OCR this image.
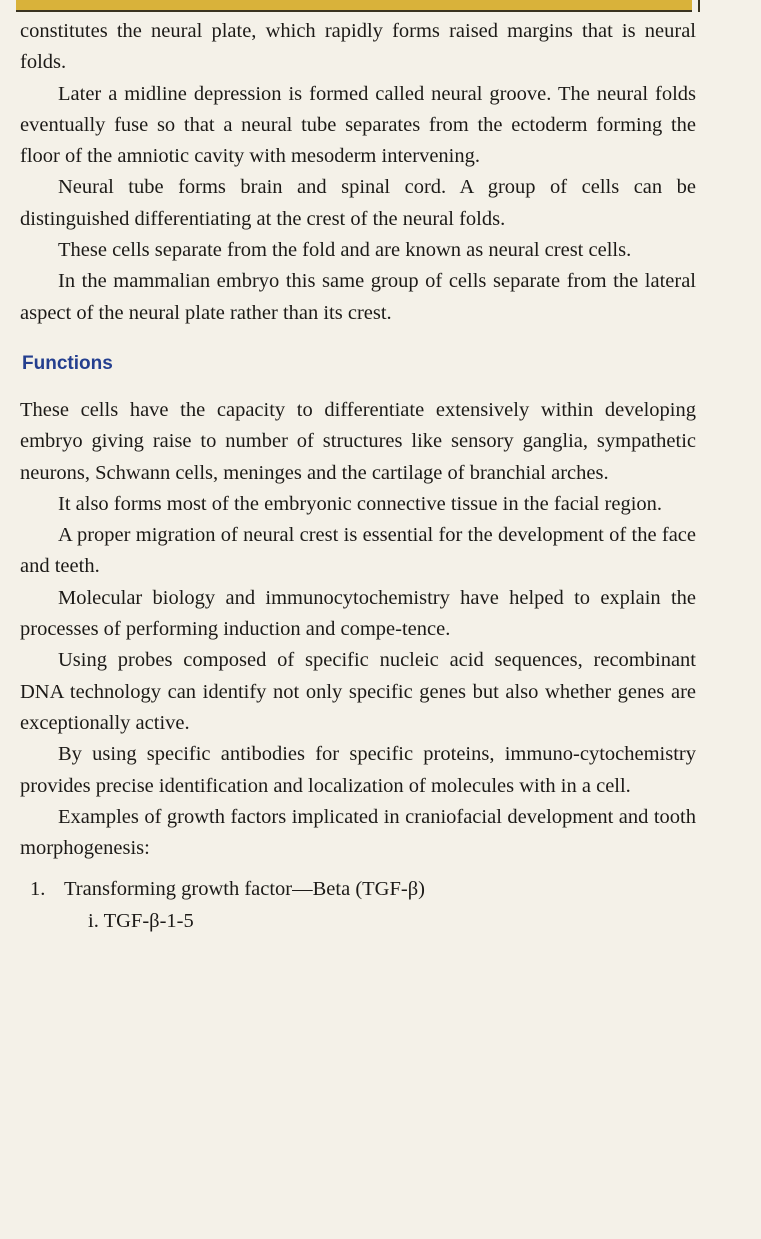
constitutes the neural plate, which rapidly forms raised margins that is neural folds.

Later a midline depression is formed called neural groove. The neural folds eventually fuse so that a neural tube separates from the ectoderm forming the floor of the amniotic cavity with mesoderm intervening.

Neural tube forms brain and spinal cord. A group of cells can be distinguished differentiating at the crest of the neural folds.

These cells separate from the fold and are known as neural crest cells.

In the mammalian embryo this same group of cells separate from the lateral aspect of the neural plate rather than its crest.

Functions

These cells have the capacity to differentiate extensively within developing embryo giving raise to number of structures like sensory ganglia, sympathetic neurons, Schwann cells, meninges and the cartilage of branchial arches.

It also forms most of the embryonic connective tissue in the facial region.

A proper migration of neural crest is essential for the development of the face and teeth.

Molecular biology and immunocytochemistry have helped to explain the processes of performing induction and compe-tence.

Using probes composed of specific nucleic acid sequences, recombinant DNA technology can identify not only specific genes but also whether genes are exceptionally active.

By using specific antibodies for specific proteins, immuno-cytochemistry provides precise identification and localization of molecules with in a cell.

Examples of growth factors implicated in craniofacial development and tooth morphogenesis:

1. Transforming growth factor—Beta (TGF-β)
i. TGF-β-1-5
